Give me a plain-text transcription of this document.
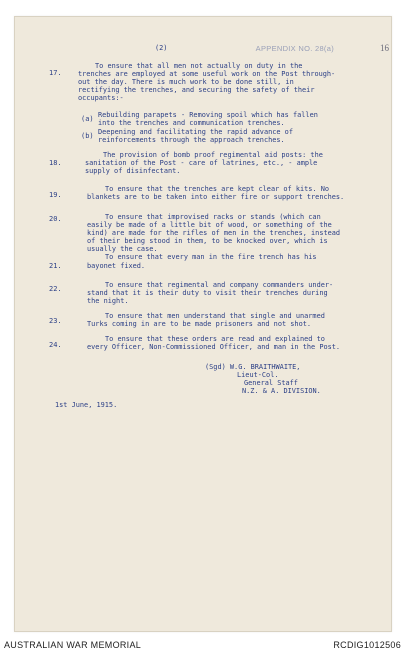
APPENDIX NO. 28(a)	16
(2)
17.
To ensure that all men not actually on duty in the
trenches are employed at some useful work on the Post through-
out the day. There is much work to be done still, in
rectifying the trenches, and securing the safety of their
occupants:-
(a) Rebuilding parapets - Removing spoil which has fallen
into the trenches and communication trenches.
(b) Deepening and facilitating the rapid advance of
reinforcements through the approach trenches.
18.
The provision of bomb proof regimental aid posts: the
sanitation of the Post - care of latrines, etc., - ample
supply of disinfectant.
19.
To ensure that the trenches are kept clear of kits. No
blankets are to be taken into either fire or support trenches.
20.	To ensure that improvised racks or stands (which can
easily be made of a little bit of wood, or something of the
kind) are made for the rifles of men in the trenches, instead
of their being stood in them, to be knocked over, which is
usually the case.
21.
To ensure that every man in the fire trench has his
bayonet fixed.
22.	To ensure that regimental and company commanders under-
stand that it is their duty to visit their trenches during
the night.
23.
To ensure that men understand that single and unarmed
Turks coming in are to be made prisoners and not shot.
24.
To ensure that these orders are read and explained to
every Officer, Non-Commissioned Officer, and man in the Post.
(Sgd) W.G. BRAITHWAITE,
Lieut-Col.
General Staff
N.Z. & A. DIVISION.
1st June, 1915.
AUSTRALIAN WAR MEMORIAL	RCDIG1012506
